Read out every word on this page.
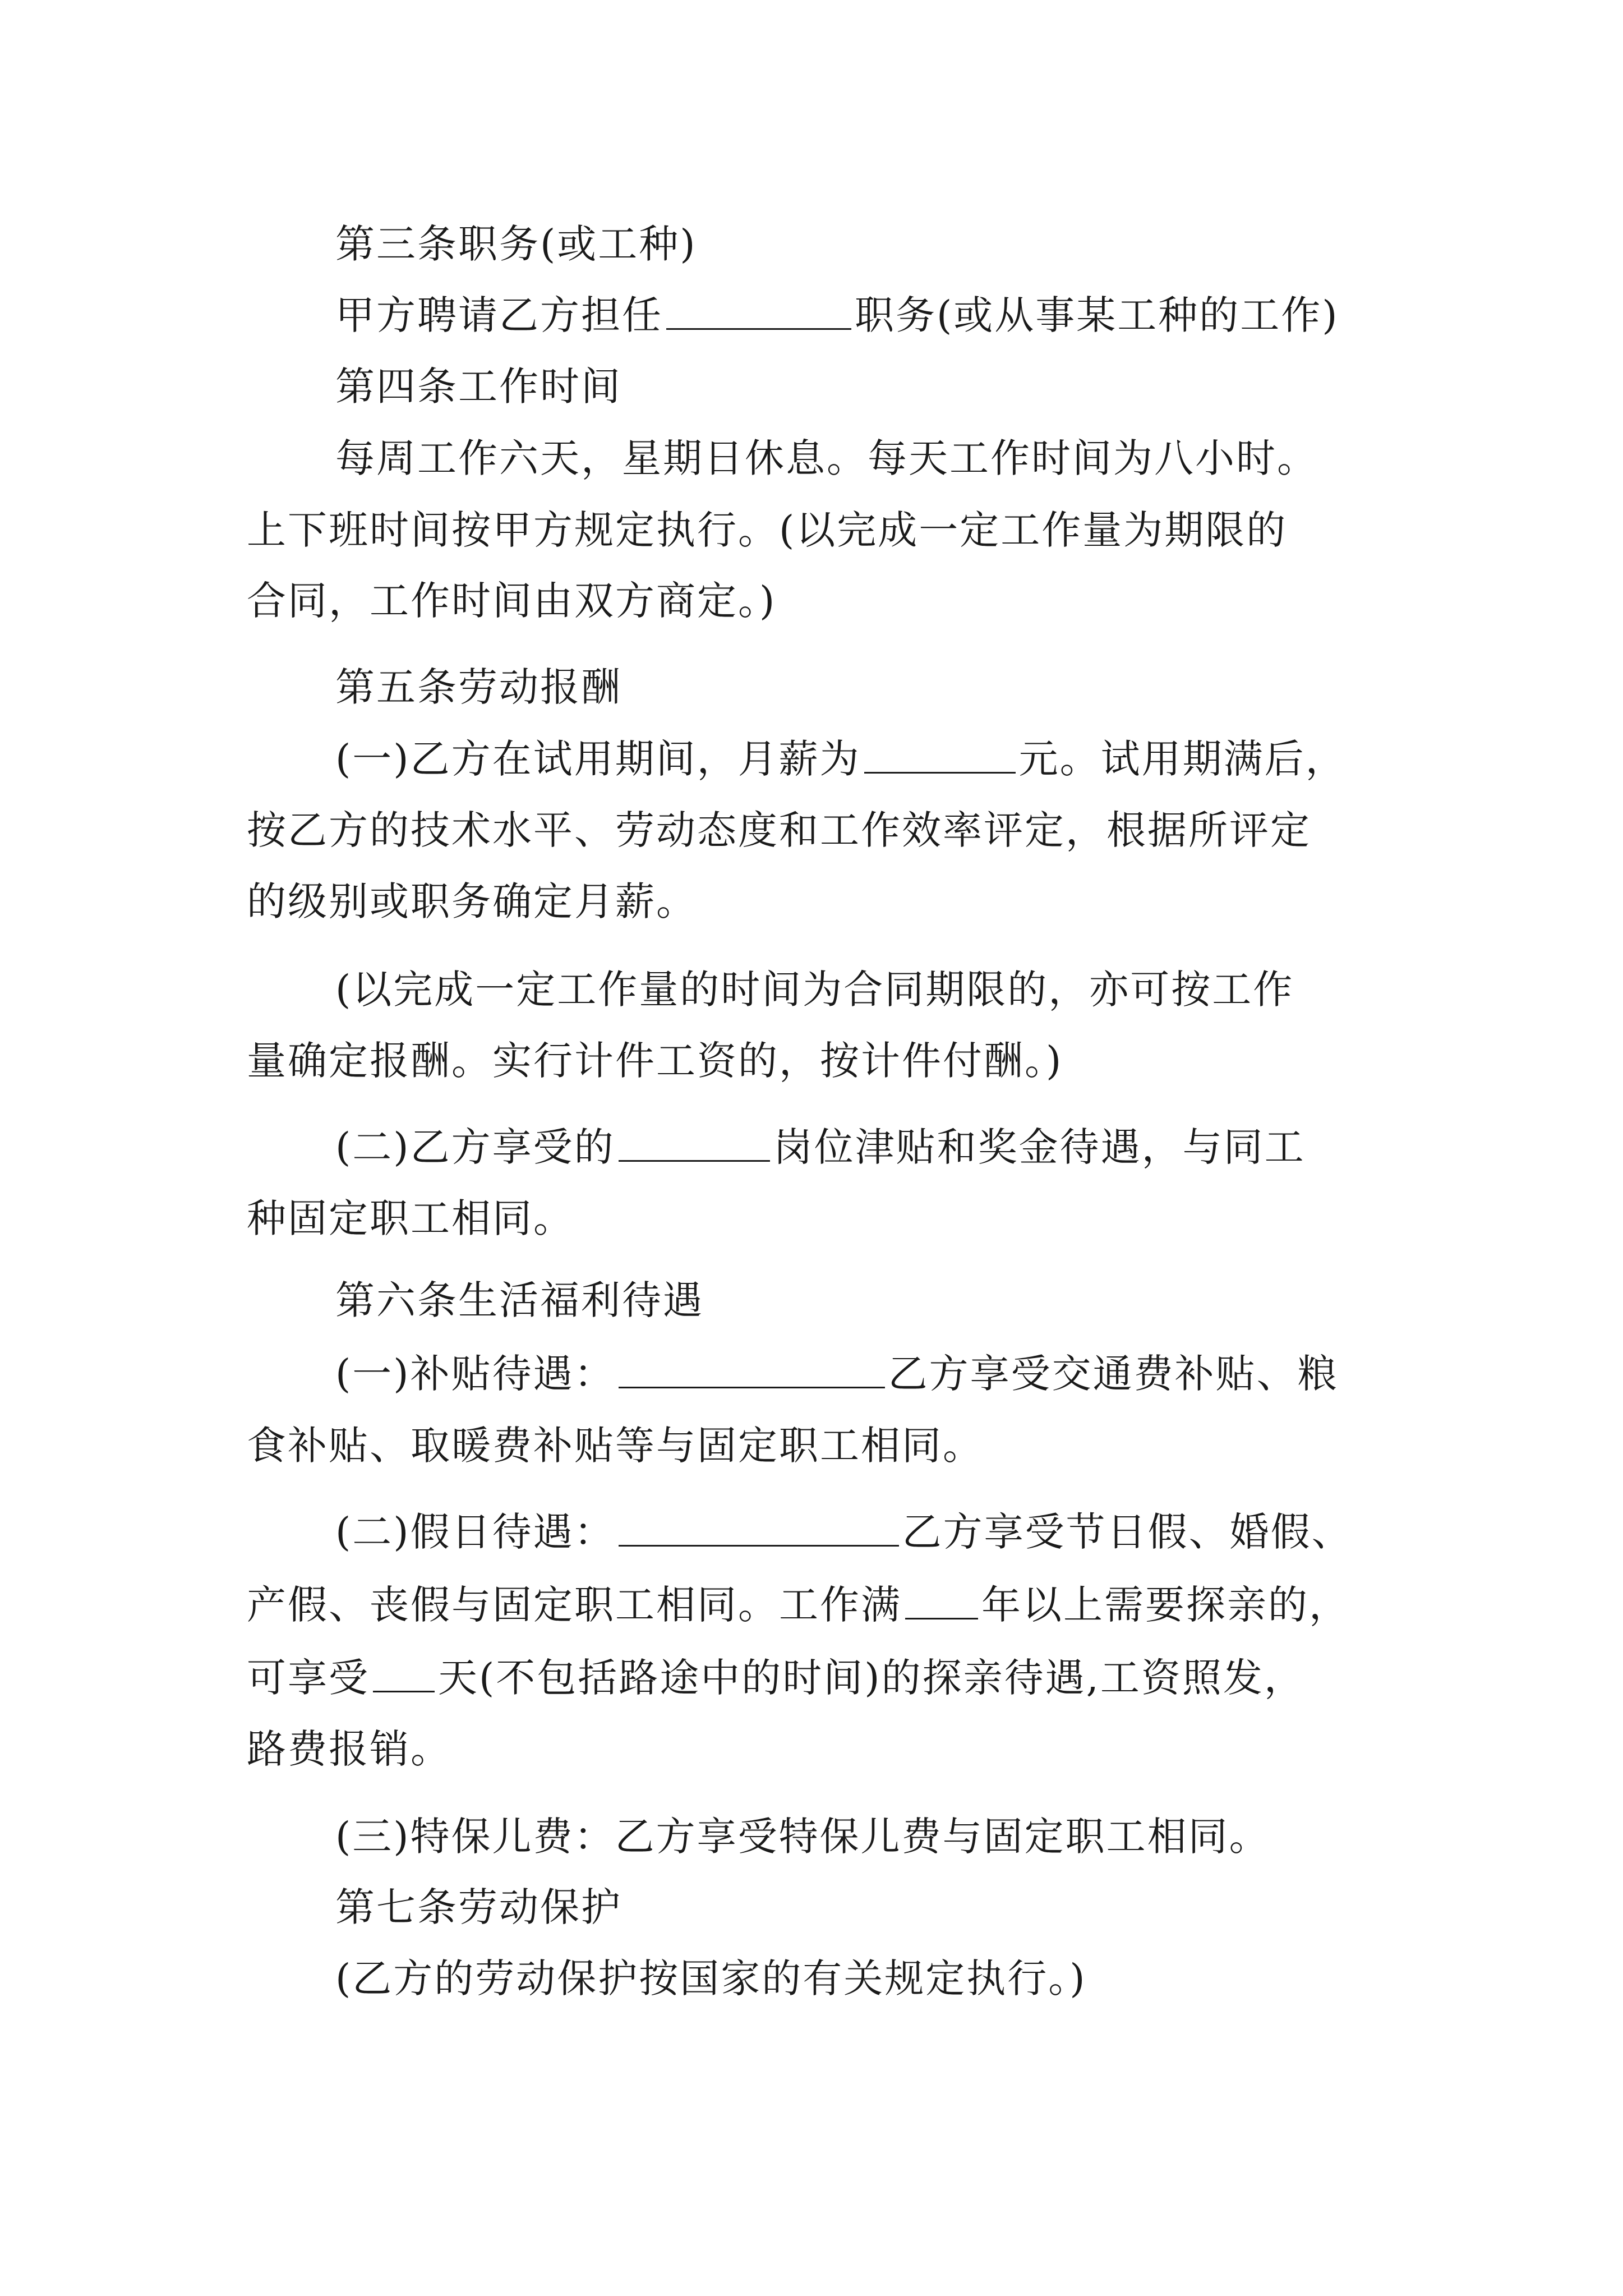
第三条职务(或工种)
甲方聘请乙方担任	职务(或从事某工种的工作)
第四条工作时间
每周工作六天，星期日休息。每天工作时间为八小时。
上下班时间按甲方规定执行。(以完成一定工作量为期限的
合同，工作时间由双方商定。)
第五条劳动报酬
(一)乙方在试用期间，月薪为	元。试用期满后，
按乙方的技术水平、劳动态度和工作效率评定，根据所评定
的级别或职务确定月薪。
(以完成一定工作量的时间为合同期限的，亦可按工作
量确定报酬。实行计件工资的，按计件付酬。)
(二)乙方享受的	岗位津贴和奖金待遇，与同工
种固定职工相同。
第六条生活福利待遇
(一)补贴待遇：	乙方享受交通费补贴、粮
食补贴、取暖费补贴等与固定职工相同。
(二)假日待遇：	乙方享受节日假、婚假、
产假、丧假与固定职工相同。工作满 年以上需要探亲的，
可享受 天(不包括路途中的时间)的探亲待遇,工资照发，
路费报销。
(三)特保儿费：乙方享受特保儿费与固定职工相同。
第七条劳动保护
(乙方的劳动保护按国家的有关规定执行。)
